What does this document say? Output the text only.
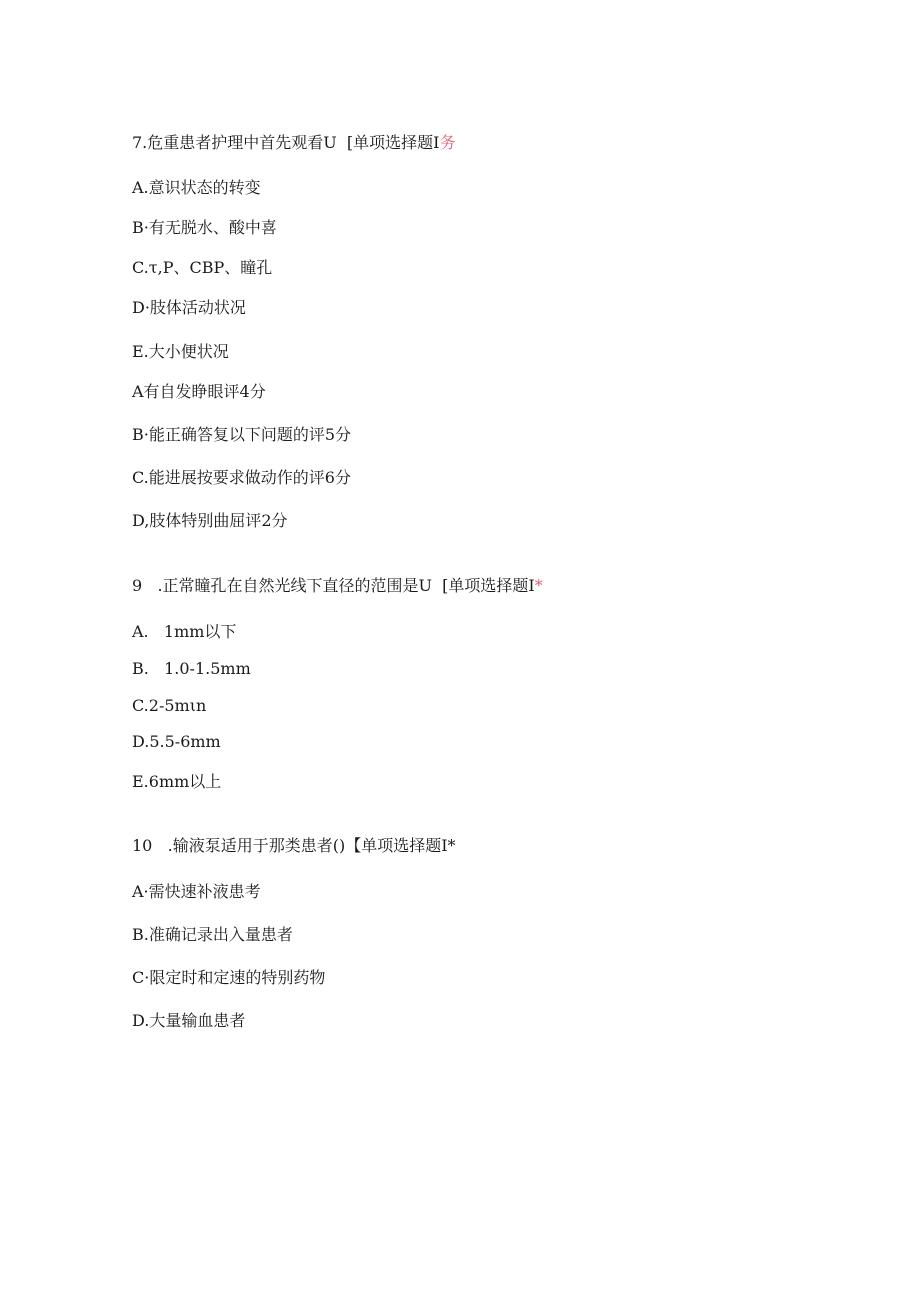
7.危重患者护理中首先观看U  [单项选择题I务
A.意识状态的转变
B·有无脱水、酸中喜
C.τ,P、CBP、瞳孔
D·肢体活动状况
E.大小便状况
A有自发睁眼评4分
B·能正确答复以下问题的评5分
C.能进展按要求做动作的评6分
D,肢体特别曲屈评2分
9   .正常瞳孔在自然光线下直径的范围是U  [单项选择题I*
A.   1mm以下
B.   1.0-1.5mm
C.2-5mιn
D.5.5-6mm
E.6mm以上
10   .输液泵适用于那类患者()【单项选择题I*
A·需快速补液患考
B.准确记录出入量患者
C·限定时和定速的特别药物
D.大量输血患者
